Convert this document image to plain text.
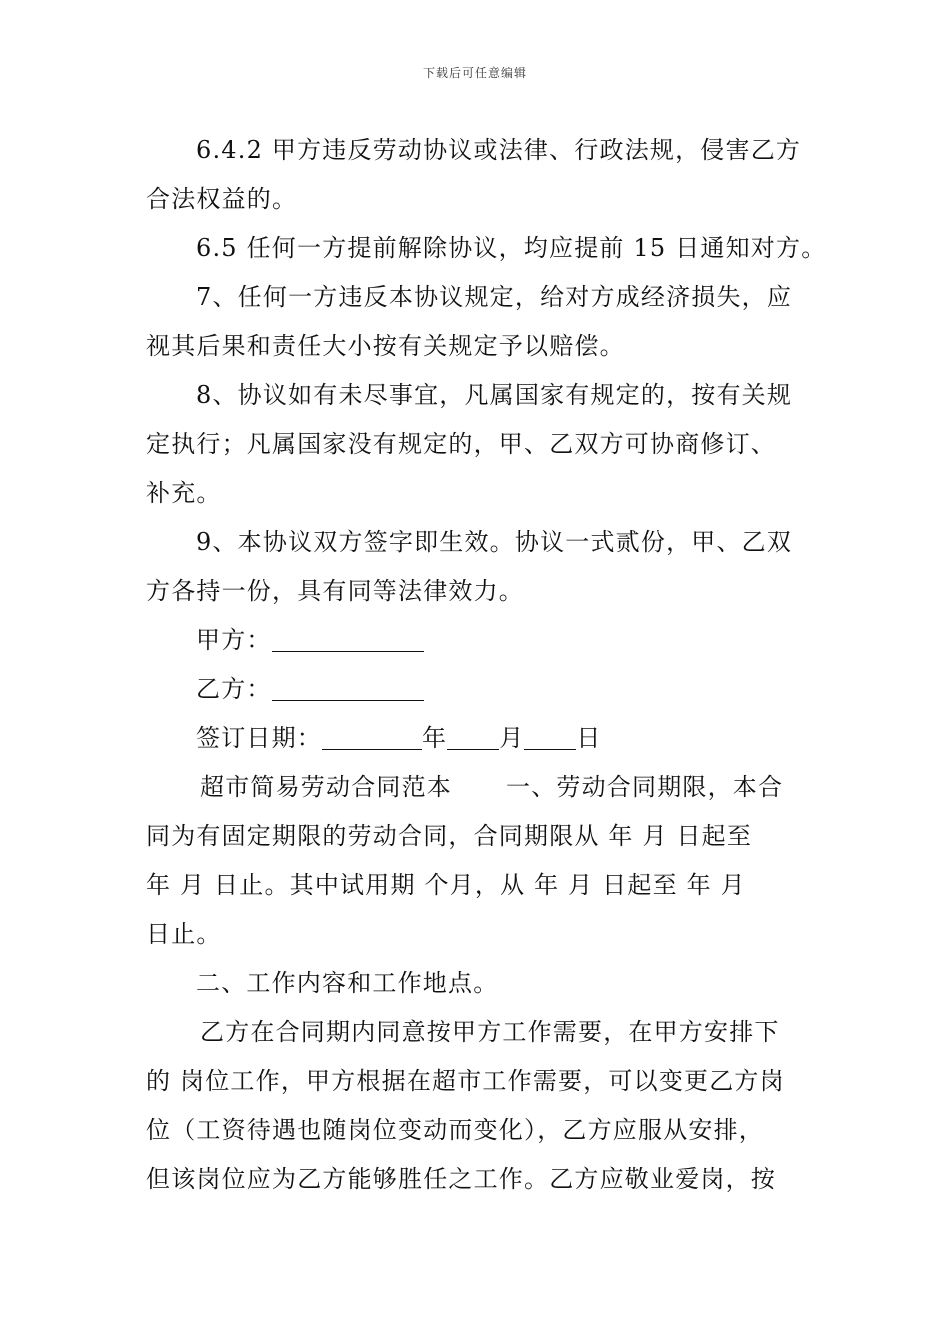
下载后可任意编辑
6.4.2 甲方违反劳动协议或法律、行政法规，侵害乙方
合法权益的。
6.5 任何一方提前解除协议，均应提前 15 日通知对方。
7、任何一方违反本协议规定，给对方成经济损失，应
视其后果和责任大小按有关规定予以赔偿。
8、协议如有未尽事宜，凡属国家有规定的，按有关规
定执行；凡属国家没有规定的，甲、乙双方可协商修订、
补充。
9、本协议双方签字即生效。协议一式贰份，甲、乙双
方各持一份，具有同等法律效力。
甲方：
乙方：
签订日期：	年 月 日
超市简易劳动合同范本 一、劳动合同期限，本合
同为有固定期限的劳动合同，合同期限从 年 月 日起至
年 月 日止。其中试用期 个月，从 年 月 日起至 年 月
日止。
二、工作内容和工作地点。
乙方在合同期内同意按甲方工作需要，在甲方安排下
的 岗位工作，甲方根据在超市工作需要，可以变更乙方岗
位（工资待遇也随岗位变动而变化），乙方应服从安排，
但该岗位应为乙方能够胜任之工作。乙方应敬业爱岗，按
